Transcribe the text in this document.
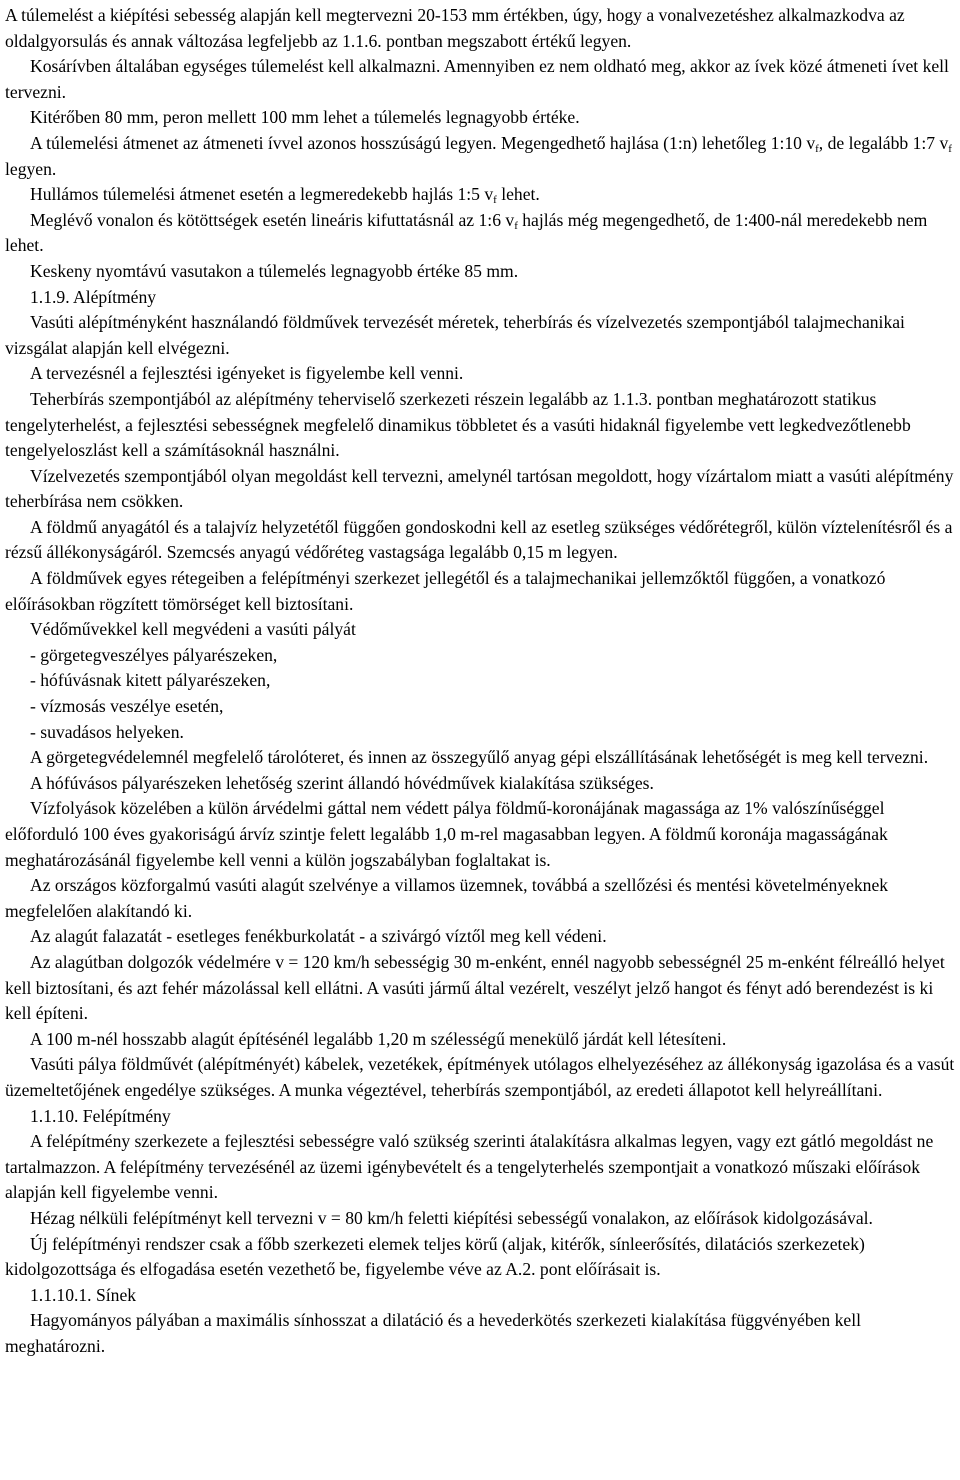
A túlemelést a kiépítési sebesség alapján kell megtervezni 20-153 mm értékben, úgy, hogy a vonalvezetéshez alkalmazkodva az oldalgyorsulás és annak változása legfeljebb az 1.1.6. pontban megszabott értékű legyen.

Kosárívben általában egységes túlemelést kell alkalmazni. Amennyiben ez nem oldható meg, akkor az ívek közé átmeneti ívet kell tervezni.

Kitérőben 80 mm, peron mellett 100 mm lehet a túlemelés legnagyobb értéke.

A túlemelési átmenet az átmeneti ívvel azonos hosszúságú legyen. Megengedhető hajlása (1:n) lehetőleg 1:10 $v_f$, de legalább 1:7 $v_f$ legyen.

Hullámos túlemelési átmenet esetén a legmeredekebb hajlás 1:5 $v_f$ lehet.

Meglévő vonalon és kötöttségek esetén lineáris kifuttatásnál az 1:6 $v_f$ hajlás még megengedhető, de 1:400-nál meredekebb nem lehet.

Keskeny nyomtávú vasutakon a túlemelés legnagyobb értéke 85 mm.

1.1.9. Alépítmény

Vasúti alépítményként használandó földművek tervezését méretek, teherbírás és vízelvezetés szempontjából talajmechanikai vizsgálat alapján kell elvégezni.

A tervezésnél a fejlesztési igényeket is figyelembe kell venni.

Teherbírás szempontjából az alépítmény teherviselő szerkezeti részein legalább az 1.1.3. pontban meghatározott statikus tengelyterhelést, a fejlesztési sebességnek megfelelő dinamikus többletet és a vasúti hidaknál figyelembe vett legkedvezőtlenebb tengelyeloszlást kell a számításoknál használni.

Vízelvezetés szempontjából olyan megoldást kell tervezni, amelynél tartósan megoldott, hogy vízártalom miatt a vasúti alépítmény teherbírása nem csökken.

A földmű anyagától és a talajvíz helyzetétől függően gondoskodni kell az esetleg szükséges védőrétegről, külön víztelenítésről és a rézsű állékonyságáról. Szemcsés anyagú védőréteg vastagsága legalább 0,15 m legyen.

A földművek egyes rétegeiben a felépítményi szerkezet jellegétől és a talajmechanikai jellemzőktől függően, a vonatkozó előírásokban rögzített tömörséget kell biztosítani.

Védőművekkel kell megvédeni a vasúti pályát

- görgetegveszélyes pályarészeken,

- hófúvásnak kitett pályarészeken,

- vízmosás veszélye esetén,

- suvadásos helyeken.

A görgetegvédelemnél megfelelő tárolóteret, és innen az összegyűlő anyag gépi elszállításának lehetőségét is meg kell tervezni.

A hófúvásos pályarészeken lehetőség szerint állandó hóvédművek kialakítása szükséges.

Vízfolyások közelében a külön árvédelmi gáttal nem védett pálya földmű-koronájának magassága az 1% valószínűséggel előforduló 100 éves gyakoriságú árvíz szintje felett legalább 1,0 m-rel magasabban legyen. A földmű koronája magasságának meghatározásánál figyelembe kell venni a külön jogszabályban foglaltakat is.

Az országos közforgalmú vasúti alagút szelvénye a villamos üzemnek, továbbá a szellőzési és mentési követelményeknek megfelelően alakítandó ki.

Az alagút falazatát - esetleges fenékburkolatát - a szivárgó víztől meg kell védeni.

Az alagútban dolgozók védelmére v = 120 km/h sebességig 30 m-enként, ennél nagyobb sebességnél 25 m-enként félreálló helyet kell biztosítani, és azt fehér mázolással kell ellátni. A vasúti jármű által vezérelt, veszélyt jelző hangot és fényt adó berendezést is ki kell építeni.

A 100 m-nél hosszabb alagút építésénél legalább 1,20 m szélességű menekülő járdát kell létesíteni.

Vasúti pálya földművét (alépítményét) kábelek, vezetékek, építmények utólagos elhelyezéséhez az állékonyság igazolása és a vasút üzemeltetőjének engedélye szükséges. A munka végeztével, teherbírás szempontjából, az eredeti állapotot kell helyreállítani.

1.1.10. Felépítmény

A felépítmény szerkezete a fejlesztési sebességre való szükség szerinti átalakításra alkalmas legyen, vagy ezt gátló megoldást ne tartalmazzon. A felépítmény tervezésénél az üzemi igénybevételt és a tengelyterhelés szempontjait a vonatkozó műszaki előírások alapján kell figyelembe venni.

Hézag nélküli felépítményt kell tervezni v = 80 km/h feletti kiépítési sebességű vonalakon, az előírások kidolgozásával.

Új felépítményi rendszer csak a főbb szerkezeti elemek teljes körű (aljak, kitérők, sínleerősítés, dilatációs szerkezetek) kidolgozottsága és elfogadása esetén vezethető be, figyelembe véve az A.2. pont előírásait is.

1.1.10.1. Sínek

Hagyományos pályában a maximális sínhosszat a dilatáció és a hevederkötés szerkezeti kialakítása függvényében kell meghatározni.
